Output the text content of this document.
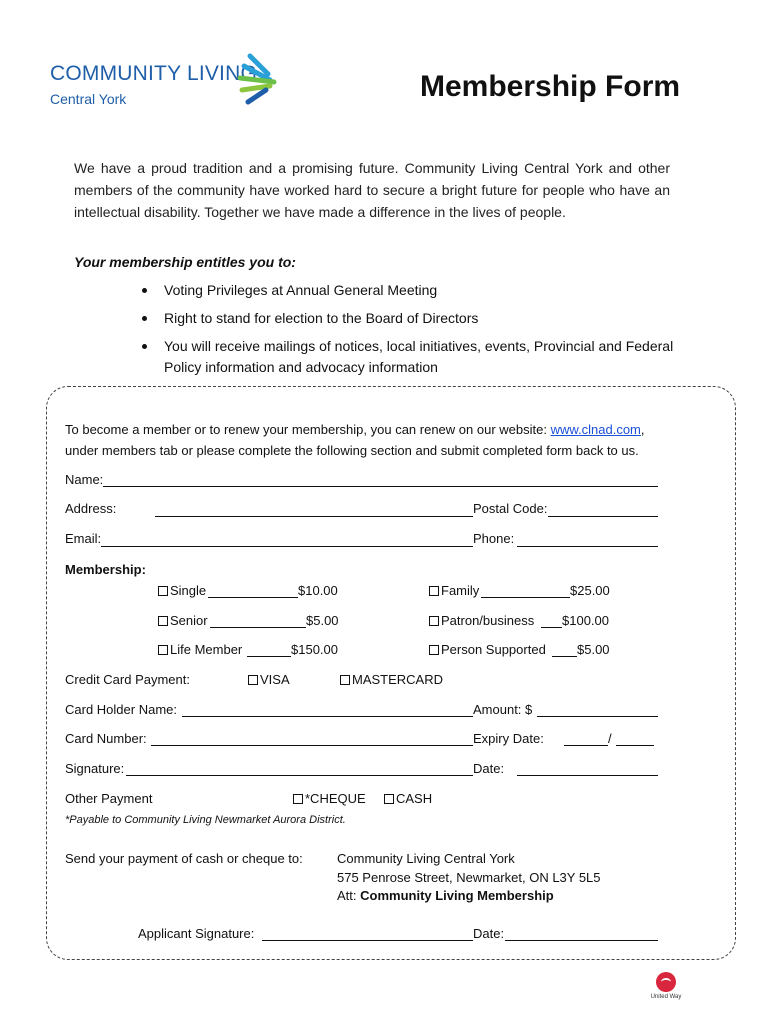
COMMUNITY LIVING
Central York	Membership Form
We have a proud tradition and a promising future. Community Living Central York and other members of the community have worked hard to secure a bright future for people who have an intellectual disability. Together we have made a difference in the lives of people.
Your membership entitles you to:
Voting Privileges at Annual General Meeting
Right to stand for election to the Board of Directors
You will receive mailings of notices, local initiatives, events, Provincial and Federal Policy information and advocacy information
To become a member or to renew your membership, you can renew on our website: www.clnad.com,
under members tab or please complete the following section and submit completed form back to us.
Name:
Address:	Postal Code:
Email:	Phone:
Membership:
Single	$10.00	Family	$25.00
Senior	$5.00	Patron/business $100.00
Life Member	$150.00	Person Supported $5.00
Credit Card Payment:	VISA	MASTERCARD
Card Holder Name:	Amount: $
Card Number:	Expiry Date:	/
Signature:	Date:
Other Payment	*CHEQUE	CASH
*Payable to Community Living Newmarket Aurora District.
Send your payment of cash or cheque to:	Community Living Central York
575 Penrose Street, Newmarket, ON L3Y 5L5
Att: Community Living Membership
Applicant Signature:	Date:
United Way
